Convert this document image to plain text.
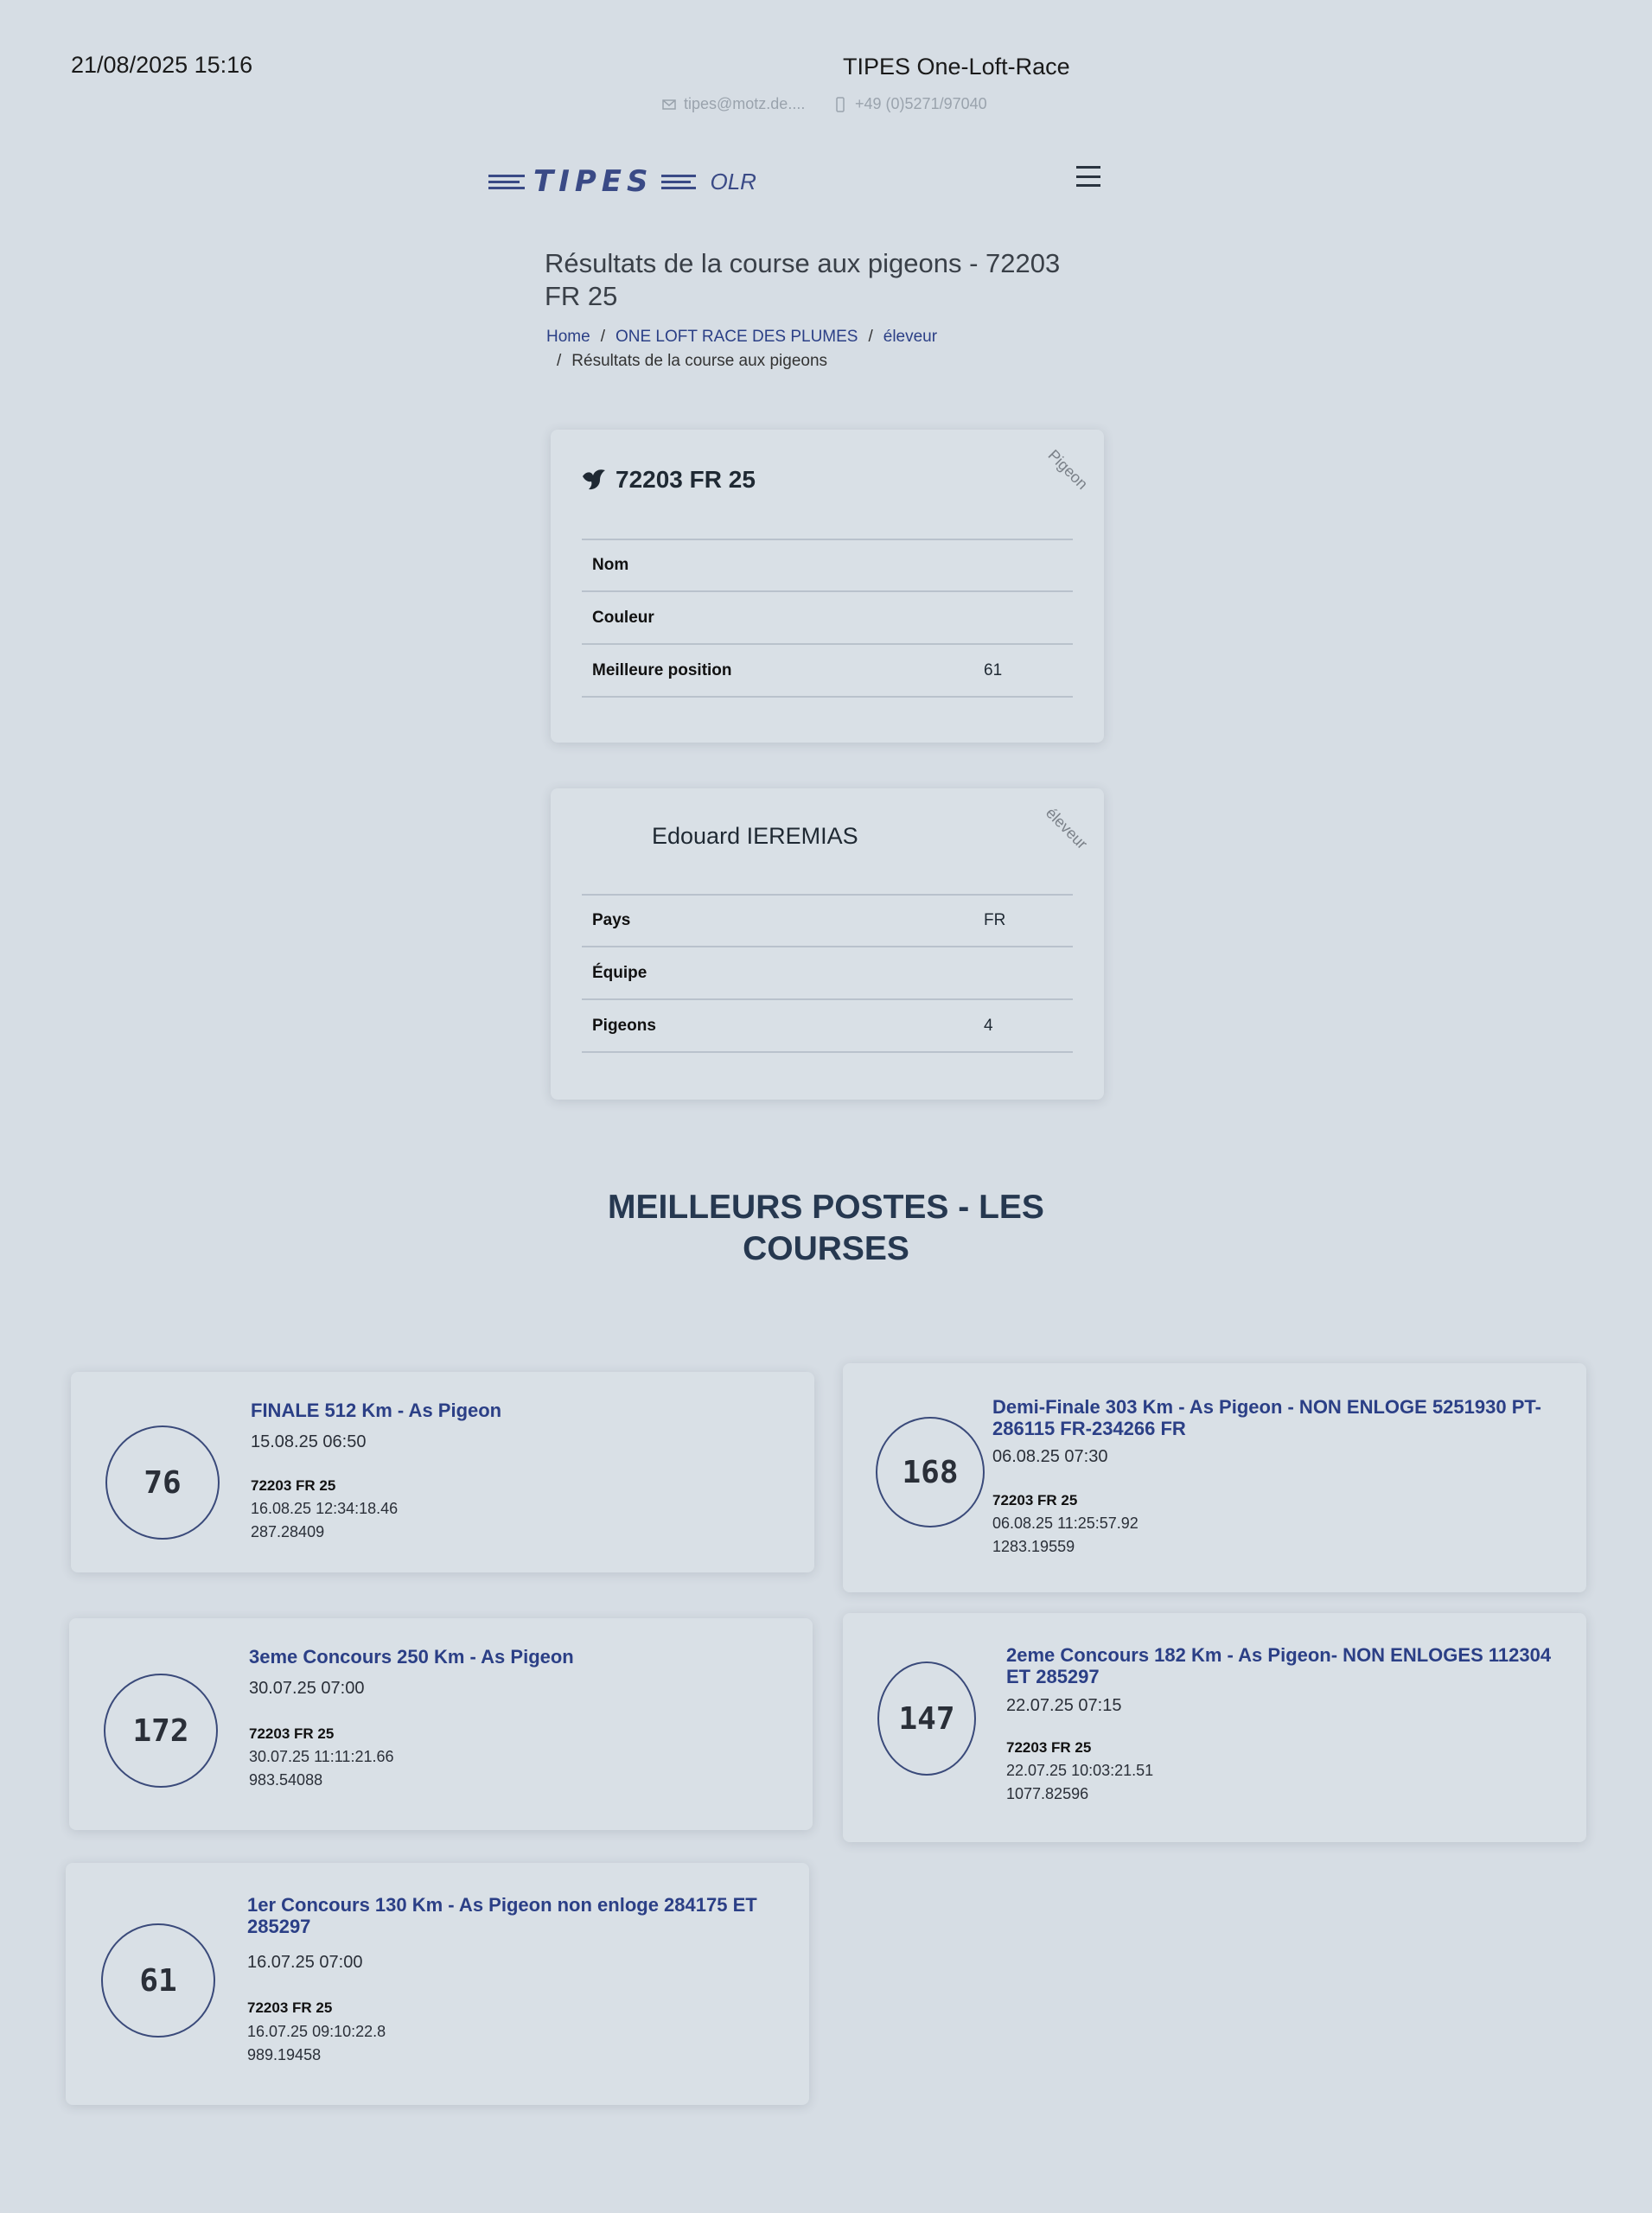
21/08/2025 15:16	TIPES One-Loft-Race
tipes@motz.de....	+49 (0)5271/97040
TIPES	OLR
Résultats de la course aux pigeons - 72203 FR 25
Home / ONE LOFT RACE DES PLUMES / éleveur
/ Résultats de la course aux pigeons
Pigeon
72203 FR 25
Nom	
Couleur	
Meilleure position	61
éleveur
Edouard IEREMIAS
Pays	FR
Équipe	
Pigeons	4
MEILLEURS POSTES - LES COURSES
76
FINALE 512 Km - As Pigeon
15.08.25 06:50
72203 FR 25
16.08.25 12:34:18.46
287.28409
168
Demi-Finale 303 Km - As Pigeon - NON ENLOGE 5251930 PT-286115 FR-234266 FR
06.08.25 07:30
72203 FR 25
06.08.25 11:25:57.92
1283.19559
172
3eme Concours 250 Km - As Pigeon
30.07.25 07:00
72203 FR 25
30.07.25 11:11:21.66
983.54088
147
2eme Concours 182 Km - As Pigeon- NON ENLOGES 112304 ET 285297
22.07.25 07:15
72203 FR 25
22.07.25 10:03:21.51
1077.82596
61
1er Concours 130 Km - As Pigeon non enloge 284175 ET 285297
16.07.25 07:00
72203 FR 25
16.07.25 09:10:22.8
989.19458
